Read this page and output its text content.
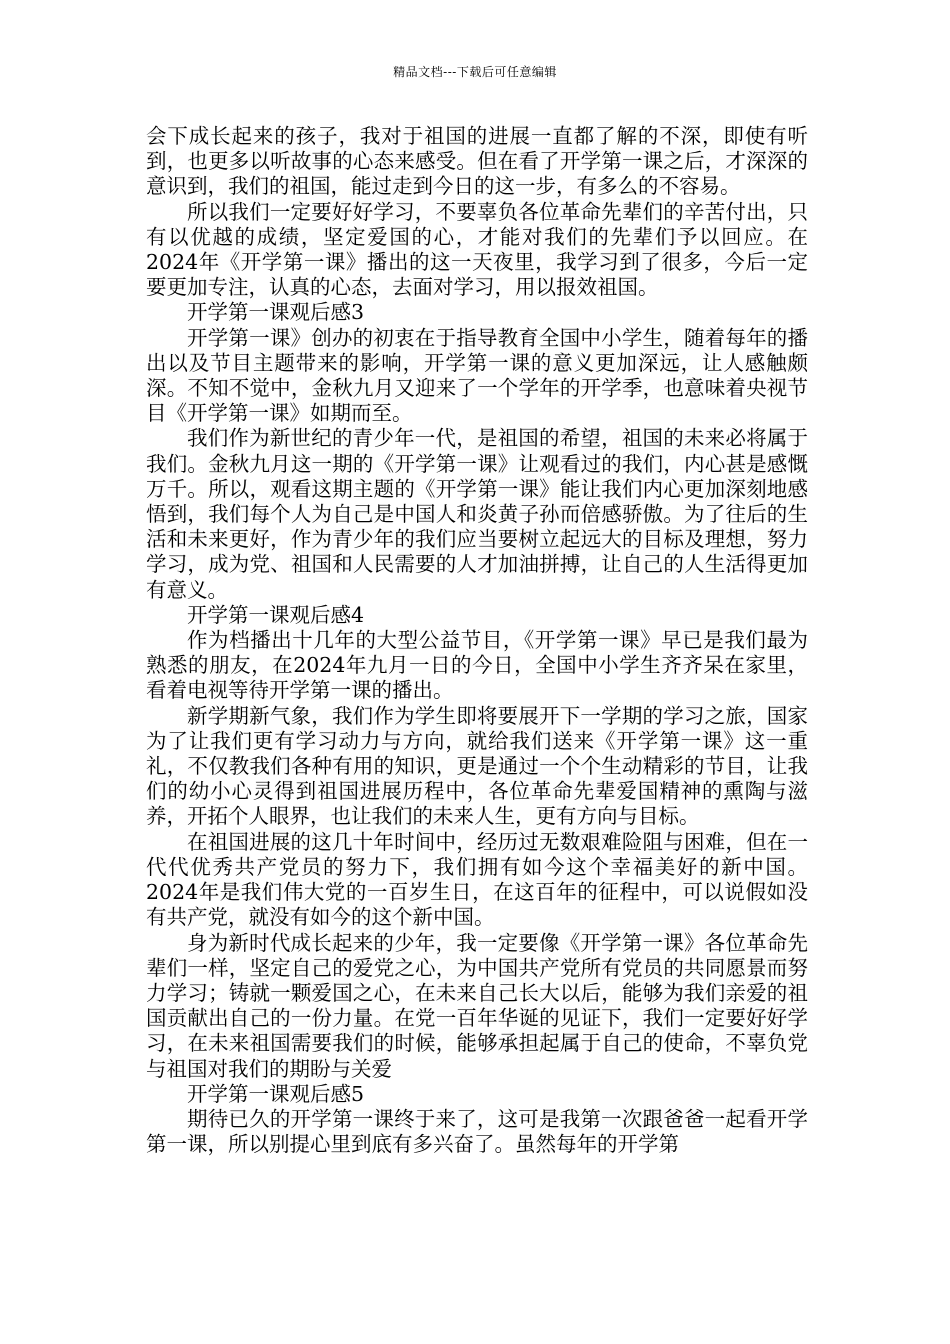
精品文档---下载后可任意编辑

会下成长起来的孩子，我对于祖国的进展一直都了解的不深，即使有听到，也更多以听故事的心态来感受。但在看了开学第一课之后，才深深的意识到，我们的祖国，能过走到今日的这一步，有多么的不容易。

所以我们一定要好好学习，不要辜负各位革命先辈们的辛苦付出，只有以优越的成绩，坚定爱国的心，才能对我们的先辈们予以回应。在2024年《开学第一课》播出的这一天夜里，我学习到了很多，今后一定要更加专注，认真的心态，去面对学习，用以报效祖国。

开学第一课观后感3

开学第一课》创办的初衷在于指导教育全国中小学生，随着每年的播出以及节目主题带来的影响，开学第一课的意义更加深远，让人感触颇深。不知不觉中，金秋九月又迎来了一个学年的开学季，也意味着央视节目《开学第一课》如期而至。

我们作为新世纪的青少年一代，是祖国的希望，祖国的未来必将属于我们。金秋九月这一期的《开学第一课》让观看过的我们，内心甚是感慨万千。所以，观看这期主题的《开学第一课》能让我们内心更加深刻地感悟到，我们每个人为自己是中国人和炎黄子孙而倍感骄傲。为了往后的生活和未来更好，作为青少年的我们应当要树立起远大的目标及理想，努力学习，成为党、祖国和人民需要的人才加油拼搏，让自己的人生活得更加有意义。

开学第一课观后感4

作为档播出十几年的大型公益节目，《开学第一课》早已是我们最为熟悉的朋友，在2024年九月一日的今日，全国中小学生齐齐呆在家里，看着电视等待开学第一课的播出。

新学期新气象，我们作为学生即将要展开下一学期的学习之旅，国家为了让我们更有学习动力与方向，就给我们送来《开学第一课》这一重礼，不仅教我们各种有用的知识，更是通过一个个生动精彩的节目，让我们的幼小心灵得到祖国进展历程中，各位革命先辈爱国精神的熏陶与滋养，开拓个人眼界，也让我们的未来人生，更有方向与目标。

在祖国进展的这几十年时间中，经历过无数艰难险阻与困难，但在一代代优秀共产党员的努力下，我们拥有如今这个幸福美好的新中国。2024年是我们伟大党的一百岁生日，在这百年的征程中，可以说假如没有共产党，就没有如今的这个新中国。

身为新时代成长起来的少年，我一定要像《开学第一课》各位革命先辈们一样，坚定自己的爱党之心，为中国共产党所有党员的共同愿景而努力学习；铸就一颗爱国之心，在未来自己长大以后，能够为我们亲爱的祖国贡献出自己的一份力量。在党一百年华诞的见证下，我们一定要好好学习，在未来祖国需要我们的时候，能够承担起属于自己的使命，不辜负党与祖国对我们的期盼与关爱

开学第一课观后感5

期待已久的开学第一课终于来了，这可是我第一次跟爸爸一起看开学第一课，所以别提心里到底有多兴奋了。虽然每年的开学第
